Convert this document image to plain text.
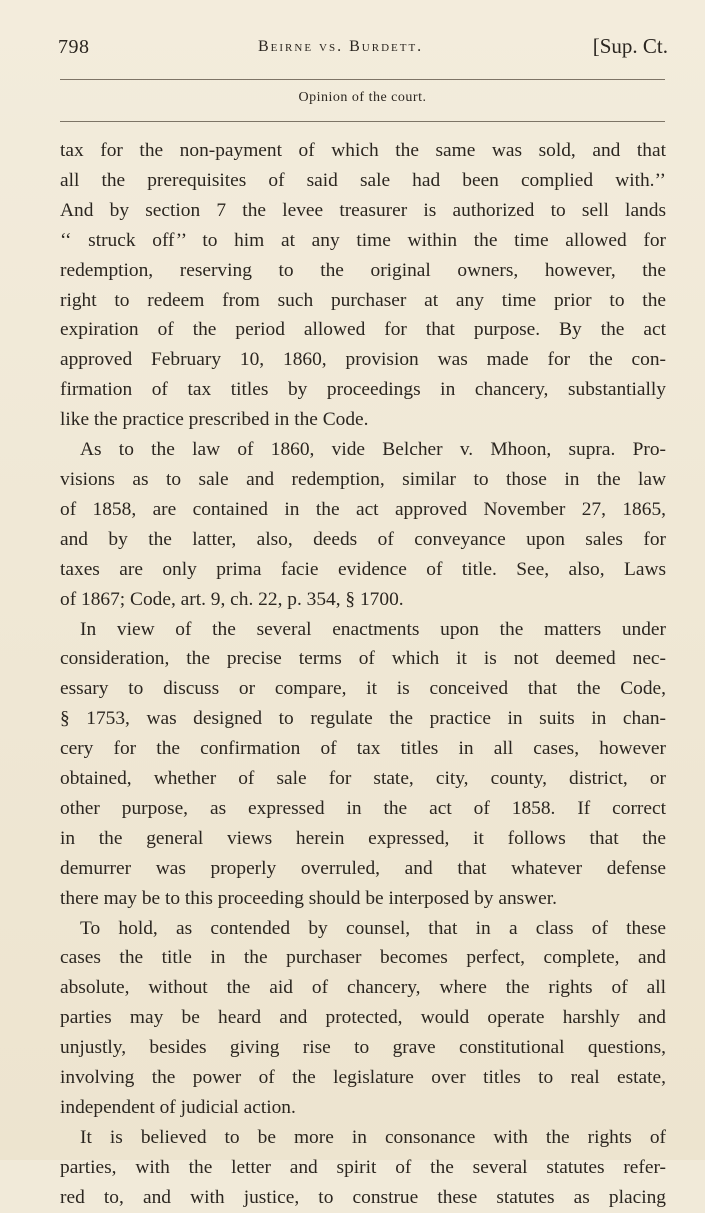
798	Beirne vs. Burdett.	[Sup. Ct.
Opinion of the court.
tax for the non-payment of which the same was sold, and that
all the prerequisites of said sale had been complied with.’’
And by section 7 the levee treasurer is authorized to sell lands
‘‘ struck off’’ to him at any time within the time allowed for
redemption, reserving to the original owners, however, the
right to redeem from such purchaser at any time prior to the
expiration of the period allowed for that purpose. By the act
approved February 10, 1860, provision was made for the con-
firmation of tax titles by proceedings in chancery, substantially
like the practice prescribed in the Code.
As to the law of 1860, vide Belcher v. Mhoon, supra. Pro-
visions as to sale and redemption, similar to those in the law
of 1858, are contained in the act approved November 27, 1865,
and by the latter, also, deeds of conveyance upon sales for
taxes are only prima facie evidence of title. See, also, Laws
of 1867; Code, art. 9, ch. 22, p. 354, § 1700.
In view of the several enactments upon the matters under
consideration, the precise terms of which it is not deemed nec-
essary to discuss or compare, it is conceived that the Code,
§ 1753, was designed to regulate the practice in suits in chan-
cery for the confirmation of tax titles in all cases, however
obtained, whether of sale for state, city, county, district, or
other purpose, as expressed in the act of 1858. If correct
in the general views herein expressed, it follows that the
demurrer was properly overruled, and that whatever defense
there may be to this proceeding should be interposed by answer.
To hold, as contended by counsel, that in a class of these
cases the title in the purchaser becomes perfect, complete, and
absolute, without the aid of chancery, where the rights of all
parties may be heard and protected, would operate harshly and
unjustly, besides giving rise to grave constitutional questions,
involving the power of the legislature over titles to real estate,
independent of judicial action.
It is believed to be more in consonance with the rights of
parties, with the letter and spirit of the several statutes refer-
red to, and with justice, to construe these statutes as placing
